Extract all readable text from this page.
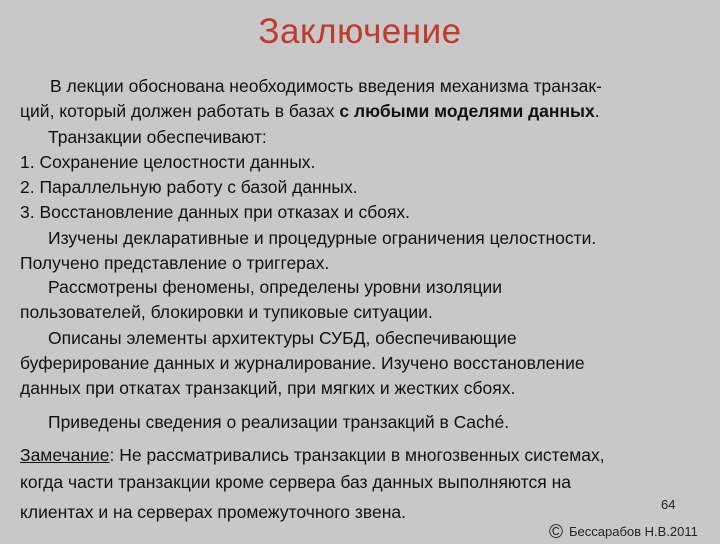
Заключение
В лекции обоснована необходимость введения механизма транзак-
ций, который должен работать в базах с любыми моделями данных.
Транзакции обеспечивают:
1. Сохранение целостности данных.
2. Параллельную работу с базой данных.
3. Восстановление данных при отказах и сбоях.
Изучены декларативные и процедурные ограничения целостности.
Получено представление о триггерах.
Рассмотрены феномены, определены уровни изоляции
пользователей, блокировки и тупиковые ситуации.
Описаны элементы архитектуры СУБД, обеспечивающие
буферирование данных и журналирование. Изучено восстановление
данных при откатах транзакций, при мягких и жестких сбоях.
Приведены сведения о реализации транзакций в Caché.
Замечание: Не рассматривались транзакции в многозвенных системах,
когда части транзакции кроме сервера баз данных выполняются на
клиентах и на серверах промежуточного звена.	64
© Бессарабов Н.В.2011
